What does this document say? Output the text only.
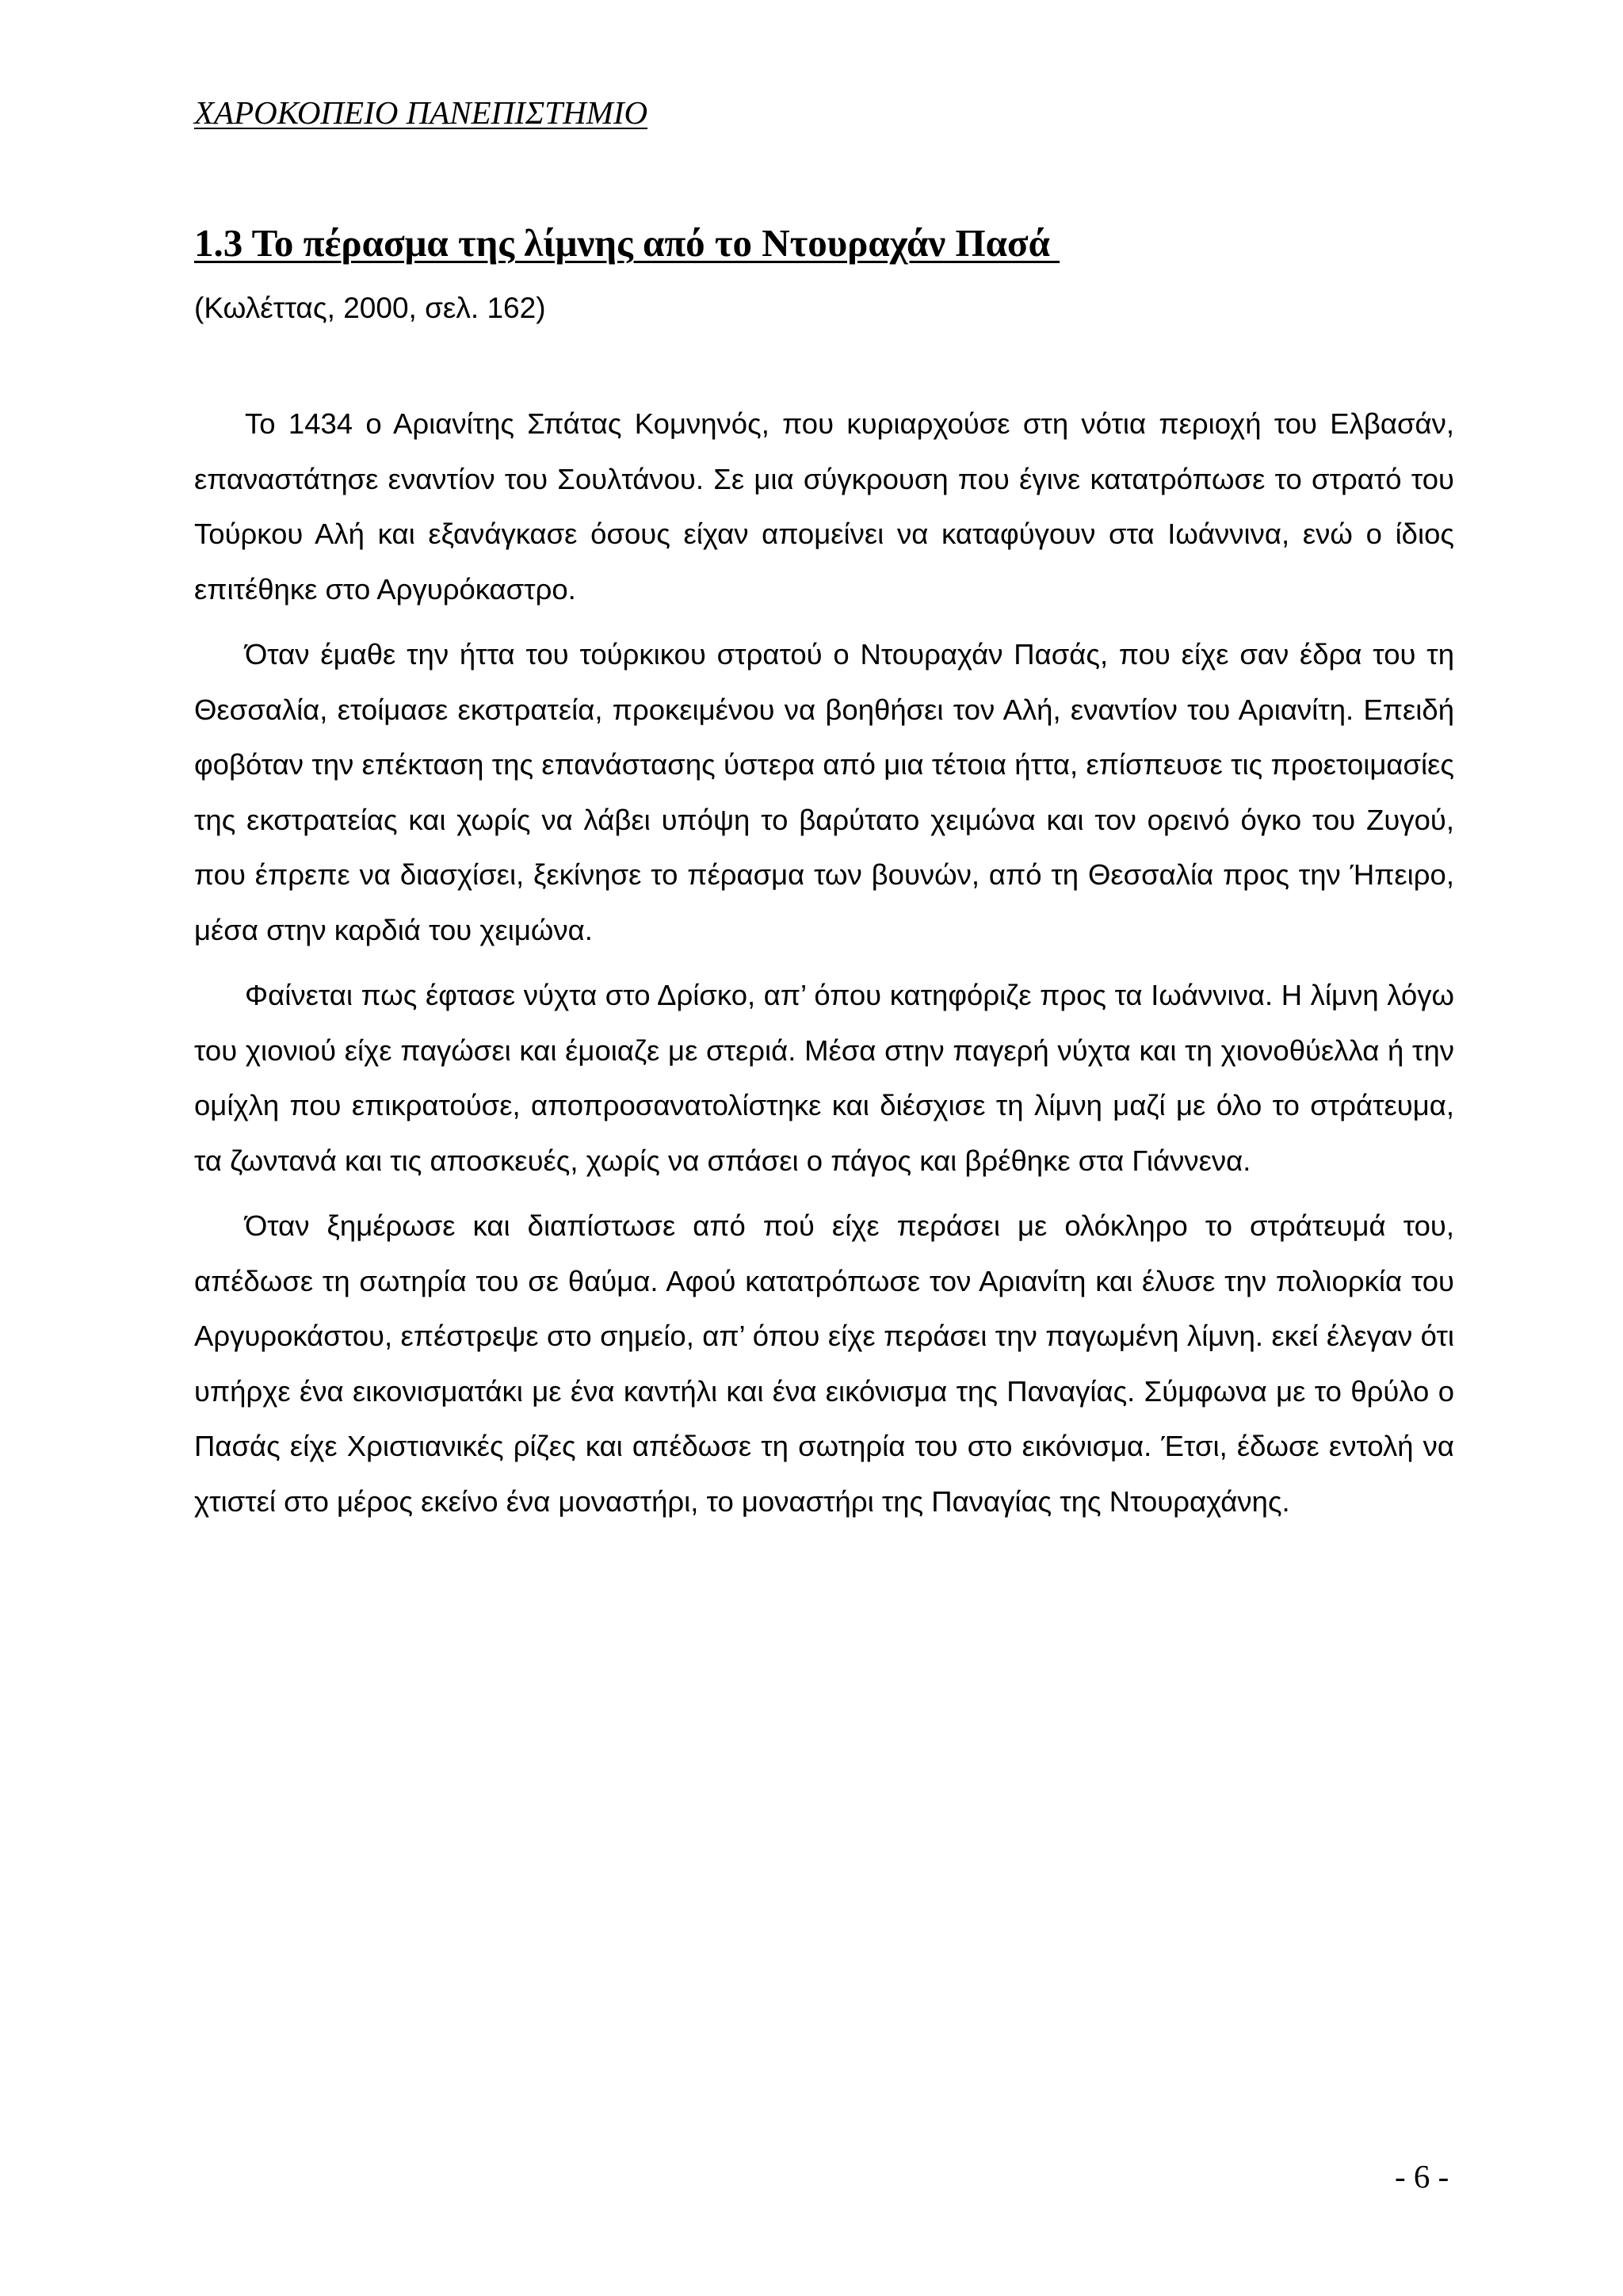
ΧΑΡΟΚΟΠΕΙΟ ΠΑΝΕΠΙΣΤΗΜΙΟ
1.3 Το πέρασμα της λίμνης από το Ντουραχάν Πασά
(Κωλέττας, 2000, σελ. 162)

Το 1434 ο Αριανίτης Σπάτας Κομνηνός, που κυριαρχούσε στη νότια περιοχή του Ελβασάν, επαναστάτησε εναντίον του Σουλτάνου. Σε μια σύγκρουση που έγινε κατατρόπωσε το στρατό του Τούρκου Αλή και εξανάγκασε όσους είχαν απομείνει να καταφύγουν στα Ιωάννινα, ενώ ο ίδιος επιτέθηκε στο Αργυρόκαστρο.

Όταν έμαθε την ήττα του τούρκικου στρατού ο Ντουραχάν Πασάς, που είχε σαν έδρα του τη Θεσσαλία, ετοίμασε εκστρατεία, προκειμένου να βοηθήσει τον Αλή, εναντίον του Αριανίτη. Επειδή φοβόταν την επέκταση της επανάστασης ύστερα από μια τέτοια ήττα, επίσπευσε τις προετοιμασίες της εκστρατείας και χωρίς να λάβει υπόψη το βαρύτατο χειμώνα και τον ορεινό όγκο του Ζυγού, που έπρεπε να διασχίσει, ξεκίνησε το πέρασμα των βουνών, από τη Θεσσαλία προς την Ήπειρο, μέσα στην καρδιά του χειμώνα.

Φαίνεται πως έφτασε νύχτα στο Δρίσκο, απ’ όπου κατηφόριζε προς τα Ιωάννινα. Η λίμνη λόγω του χιονιού είχε παγώσει και έμοιαζε με στεριά. Μέσα στην παγερή νύχτα και τη χιονοθύελλα ή την ομίχλη που επικρατούσε, αποπροσανατολίστηκε και διέσχισε τη λίμνη μαζί με όλο το στράτευμα, τα ζωντανά και τις αποσκευές, χωρίς να σπάσει ο πάγος και βρέθηκε στα Γιάννενα.

Όταν ξημέρωσε και διαπίστωσε από πού είχε περάσει με ολόκληρο το στράτευμά του, απέδωσε τη σωτηρία του σε θαύμα. Αφού κατατρόπωσε τον Αριανίτη και έλυσε την πολιορκία του Αργυροκάστου, επέστρεψε στο σημείο, απ’ όπου είχε περάσει την παγωμένη λίμνη. εκεί έλεγαν ότι υπήρχε ένα εικονισματάκι με ένα καντήλι και ένα εικόνισμα της Παναγίας. Σύμφωνα με το θρύλο ο Πασάς είχε Χριστιανικές ρίζες και απέδωσε τη σωτηρία του στο εικόνισμα. Έτσι, έδωσε εντολή να χτιστεί στο μέρος εκείνο ένα μοναστήρι, το μοναστήρι της Παναγίας της Ντουραχάνης.

- 6 -
